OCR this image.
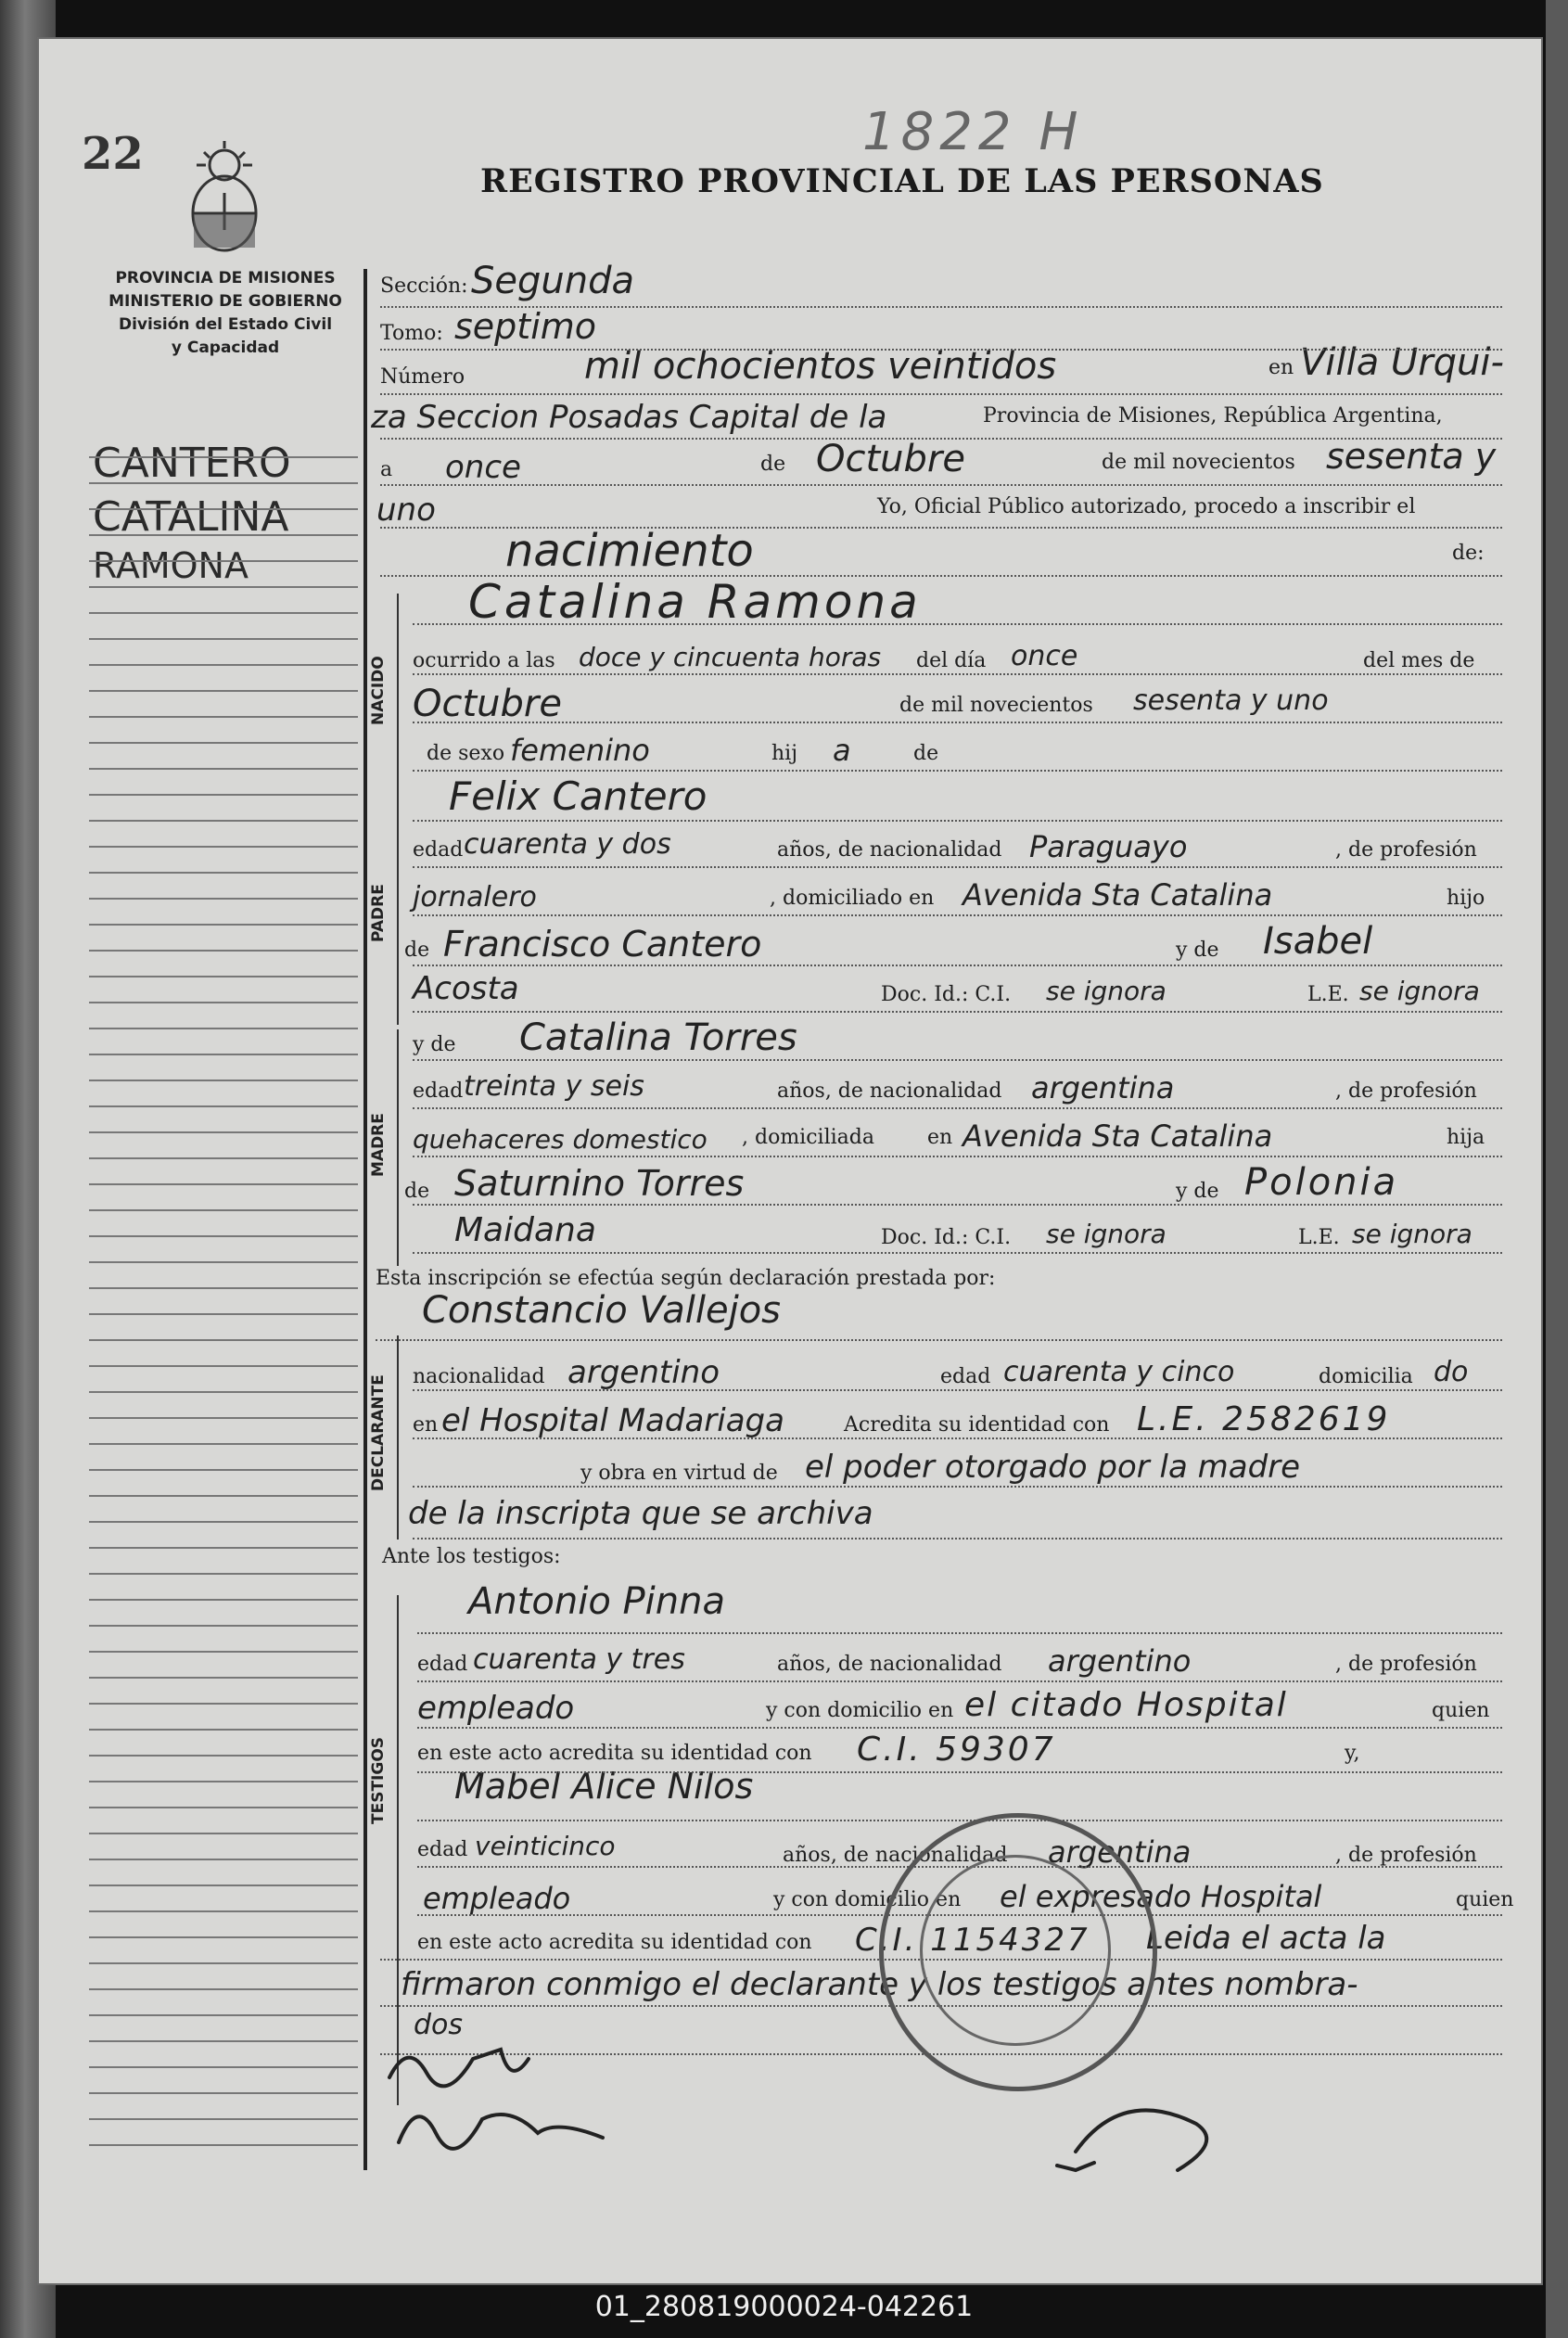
22	1822 H
REGISTRO PROVINCIAL DE LAS PERSONAS
PROVINCIA DE MISIONES
MINISTERIO DE GOBIERNO
División del Estado Civil
y Capacidad
CANTERO
CATALINA
RAMONA
NACIDO
PADRE
MADRE
DECLARANTE
TESTIGOS
Sección: Segunda
Tomo: septimo
Número	mil ochocientos veintidos	en Villa Urqui-
za Seccion Posadas Capital de la	Provincia de Misiones, República Argentina,
a once	de Octubre	de mil novecientos sesenta y
uno	Yo, Oficial Público autorizado, procedo a inscribir el
nacimiento	de:
Catalina Ramona
ocurrido a las doce y cincuenta horas del día once	del mes de
Octubre	de mil novecientos sesenta y uno
de sexo femenino	hij a	de
Felix Cantero
edad cuarenta y dos	años, de nacionalidad Paraguayo	, de profesión
jornalero	, domiciliado en Avenida Sta Catalina	hijo
de Francisco Cantero	y de Isabel
Acosta	Doc. Id.: C.I. se ignora	L.E. se ignora
y de Catalina Torres
edad treinta y seis	años, de nacionalidad argentina	, de profesión
quehaceres domestico , domiciliada	en Avenida Sta Catalina	hija
de Saturnino Torres	y de Polonia
Maidana	Doc. Id.: C.I. se ignora	L.E. se ignora
Esta inscripción se efectúa según declaración prestada por:
Constancio Vallejos
nacionalidad argentino	edad cuarenta y cinco	domicilia do
en el Hospital Madariaga	Acredita su identidad con L.E. 2582619
y obra en virtud de el poder otorgado por la madre
de la inscripta que se archiva
Ante los testigos:
Antonio Pinna
edad cuarenta y tres	años, de nacionalidad argentino	, de profesión
empleado	y con domicilio en el citado Hospital	quien
en este acto acredita su identidad con C.I. 59307	y,
Mabel Alice Nilos
edad veinticinco	años, de nacionalidad argentina	, de profesión
empleado	y con domicilio en el expresado Hospital	quien
en este acto acredita su identidad con C.I. 1154327 Leida el acta la
firmaron conmigo el declarante y los testigos antes nombra-
dos
01_280819000024-042261
